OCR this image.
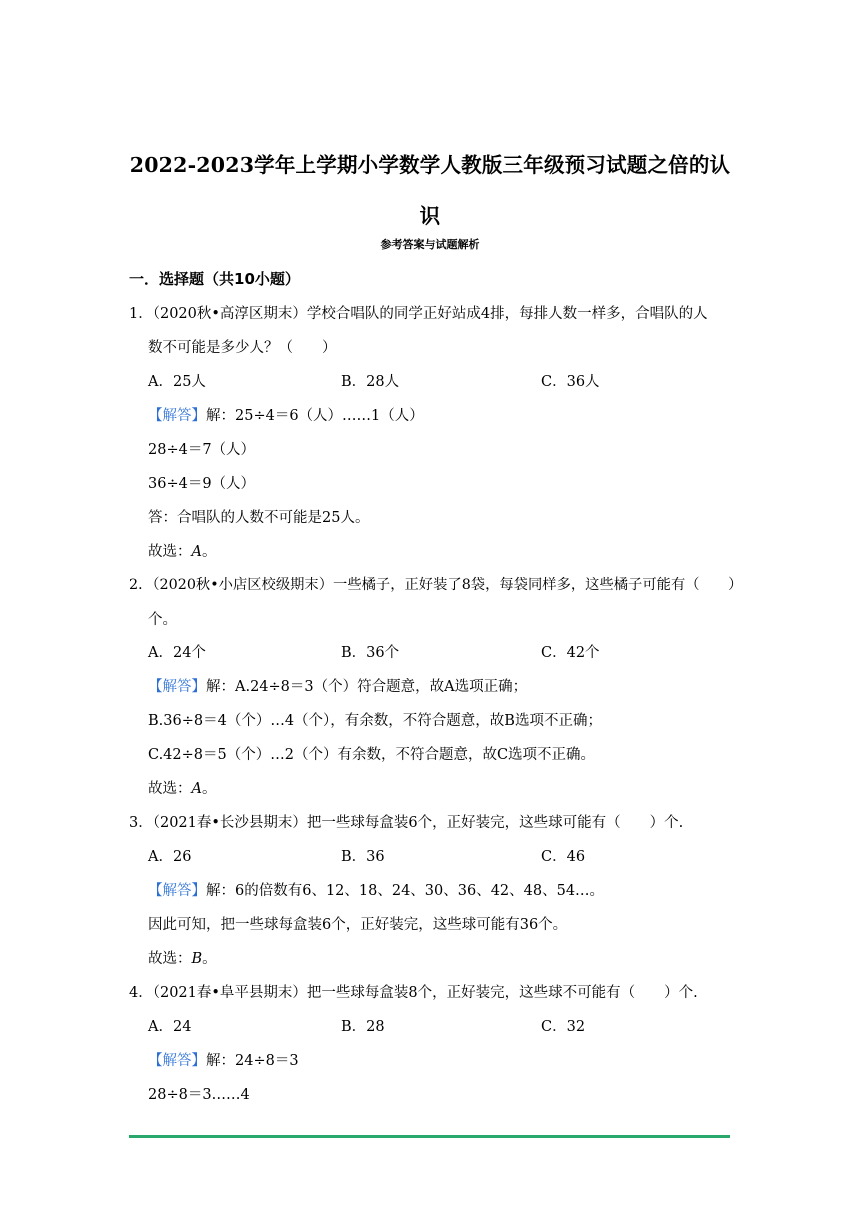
2022-2023学年上学期小学数学人教版三年级预习试题之倍的认识
参考答案与试题解析
一．选择题（共10小题）
1．（2020秋•高淳区期末）学校合唱队的同学正好站成4排，每排人数一样多，合唱队的人
数不可能是多少人？（　　）
A．25人	B．28人	C．36人
【解答】解：25÷4＝6（人）……1（人）
28÷4＝7（人）
36÷4＝9（人）
答：合唱队的人数不可能是25人。
故选：A。
2．（2020秋•小店区校级期末）一些橘子，正好装了8袋，每袋同样多，这些橘子可能有（　　）
个。
A．24个	B．36个	C．42个
【解答】解：A.24÷8＝3（个）符合题意，故A选项正确；
B.36÷8＝4（个）…4（个），有余数，不符合题意，故B选项不正确；
C.42÷8＝5（个）…2（个）有余数，不符合题意，故C选项不正确。
故选：A。
3．（2021春•长沙县期末）把一些球每盒装6个，正好装完，这些球可能有（　　）个.
A．26	B．36	C．46
【解答】解：6的倍数有6、12、18、24、30、36、42、48、54…。
因此可知，把一些球每盒装6个，正好装完，这些球可能有36个。
故选：B。
4．（2021春•阜平县期末）把一些球每盒装8个，正好装完，这些球不可能有（　　）个.
A．24	B．28	C．32
【解答】解：24÷8＝3
28÷8＝3……4
